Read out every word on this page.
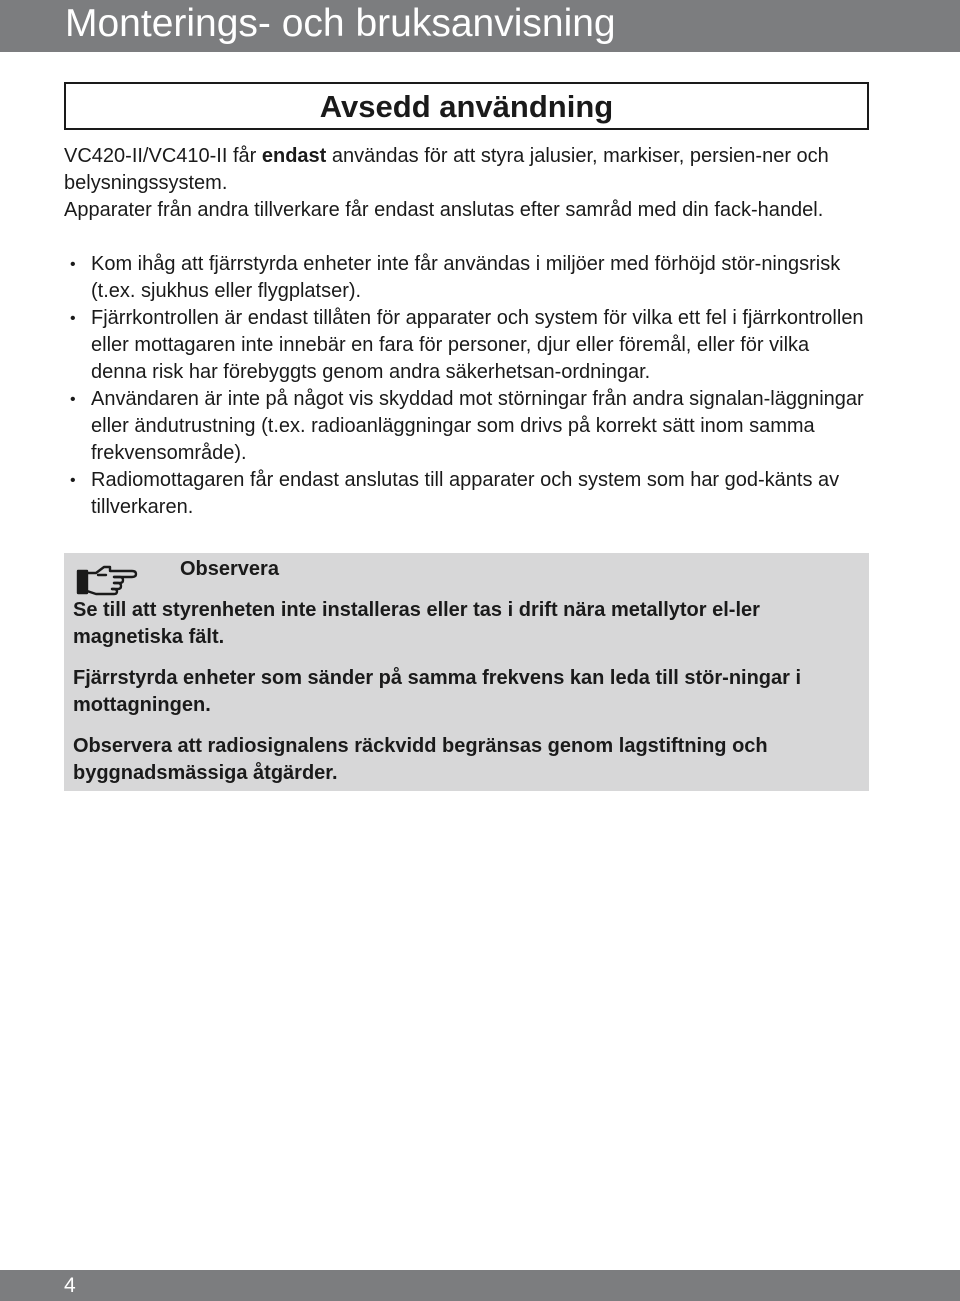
Monterings- och bruksanvisning
Avsedd användning

VC420-II/VC410-II får endast användas för att styra jalusier, markiser, persien-ner och belysningssystem.

Apparater från andra tillverkare får endast anslutas efter samråd med din fack-handel.

• Kom ihåg att fjärrstyrda enheter inte får användas i miljöer med förhöjd stör-ningsrisk (t.ex. sjukhus eller flygplatser).
• Fjärrkontrollen är endast tillåten för apparater och system för vilka ett fel i fjärrkontrollen eller mottagaren inte innebär en fara för personer, djur eller föremål, eller för vilka denna risk har förebyggts genom andra säkerhetsan-ordningar.
• Användaren är inte på något vis skyddad mot störningar från andra signalan-läggningar eller ändutrustning (t.ex. radioanläggningar som drivs på korrekt sätt inom samma frekvensområde).
• Radiomottagaren får endast anslutas till apparater och system som har god-känts av tillverkaren.
Observera

Se till att styrenheten inte installeras eller tas i drift nära metallytor el-ler magnetiska fält.

Fjärrstyrda enheter som sänder på samma frekvens kan leda till stör-ningar i mottagningen.

Observera att radiosignalens räckvidd begränsas genom lagstiftning och byggnadsmässiga åtgärder.

4
